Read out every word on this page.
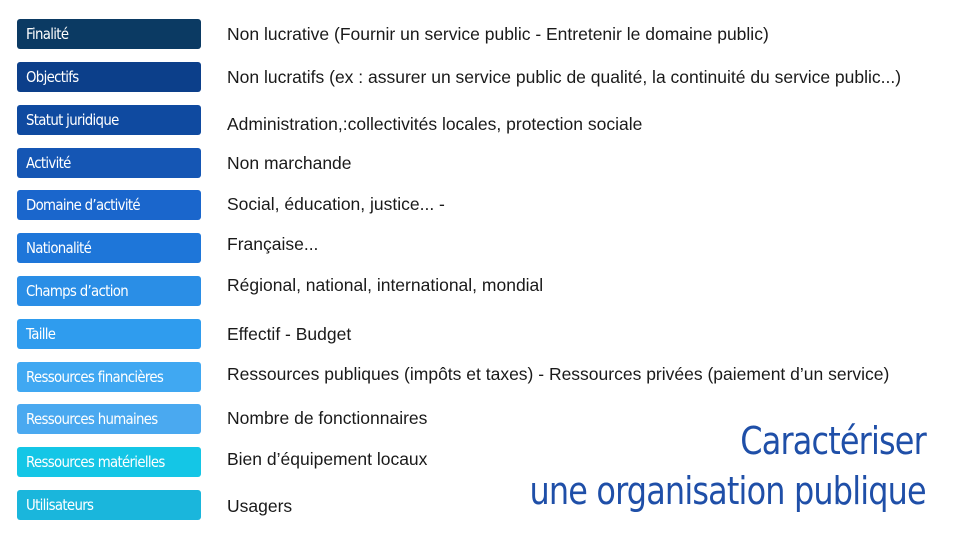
Finalité	Non lucrative (Fournir un service public - Entretenir le domaine public)
Objectifs	Non lucratifs (ex : assurer un service public de qualité, la continuité du service public...)
Statut juridique	Administration,:collectivités locales, protection sociale
Activité	Non marchande
Domaine d’activité	Social, éducation, justice... -
Nationalité	Française...
Champs d’action	Régional, national, international, mondial
Taille	Effectif - Budget
Ressources financières	Ressources publiques (impôts et taxes) - Ressources privées (paiement d’un service)
Ressources humaines	Nombre de fonctionnaires
Ressources matérielles	Bien d’équipement locaux
Utilisateurs	Usagers
Caractériser
une organisation publique
